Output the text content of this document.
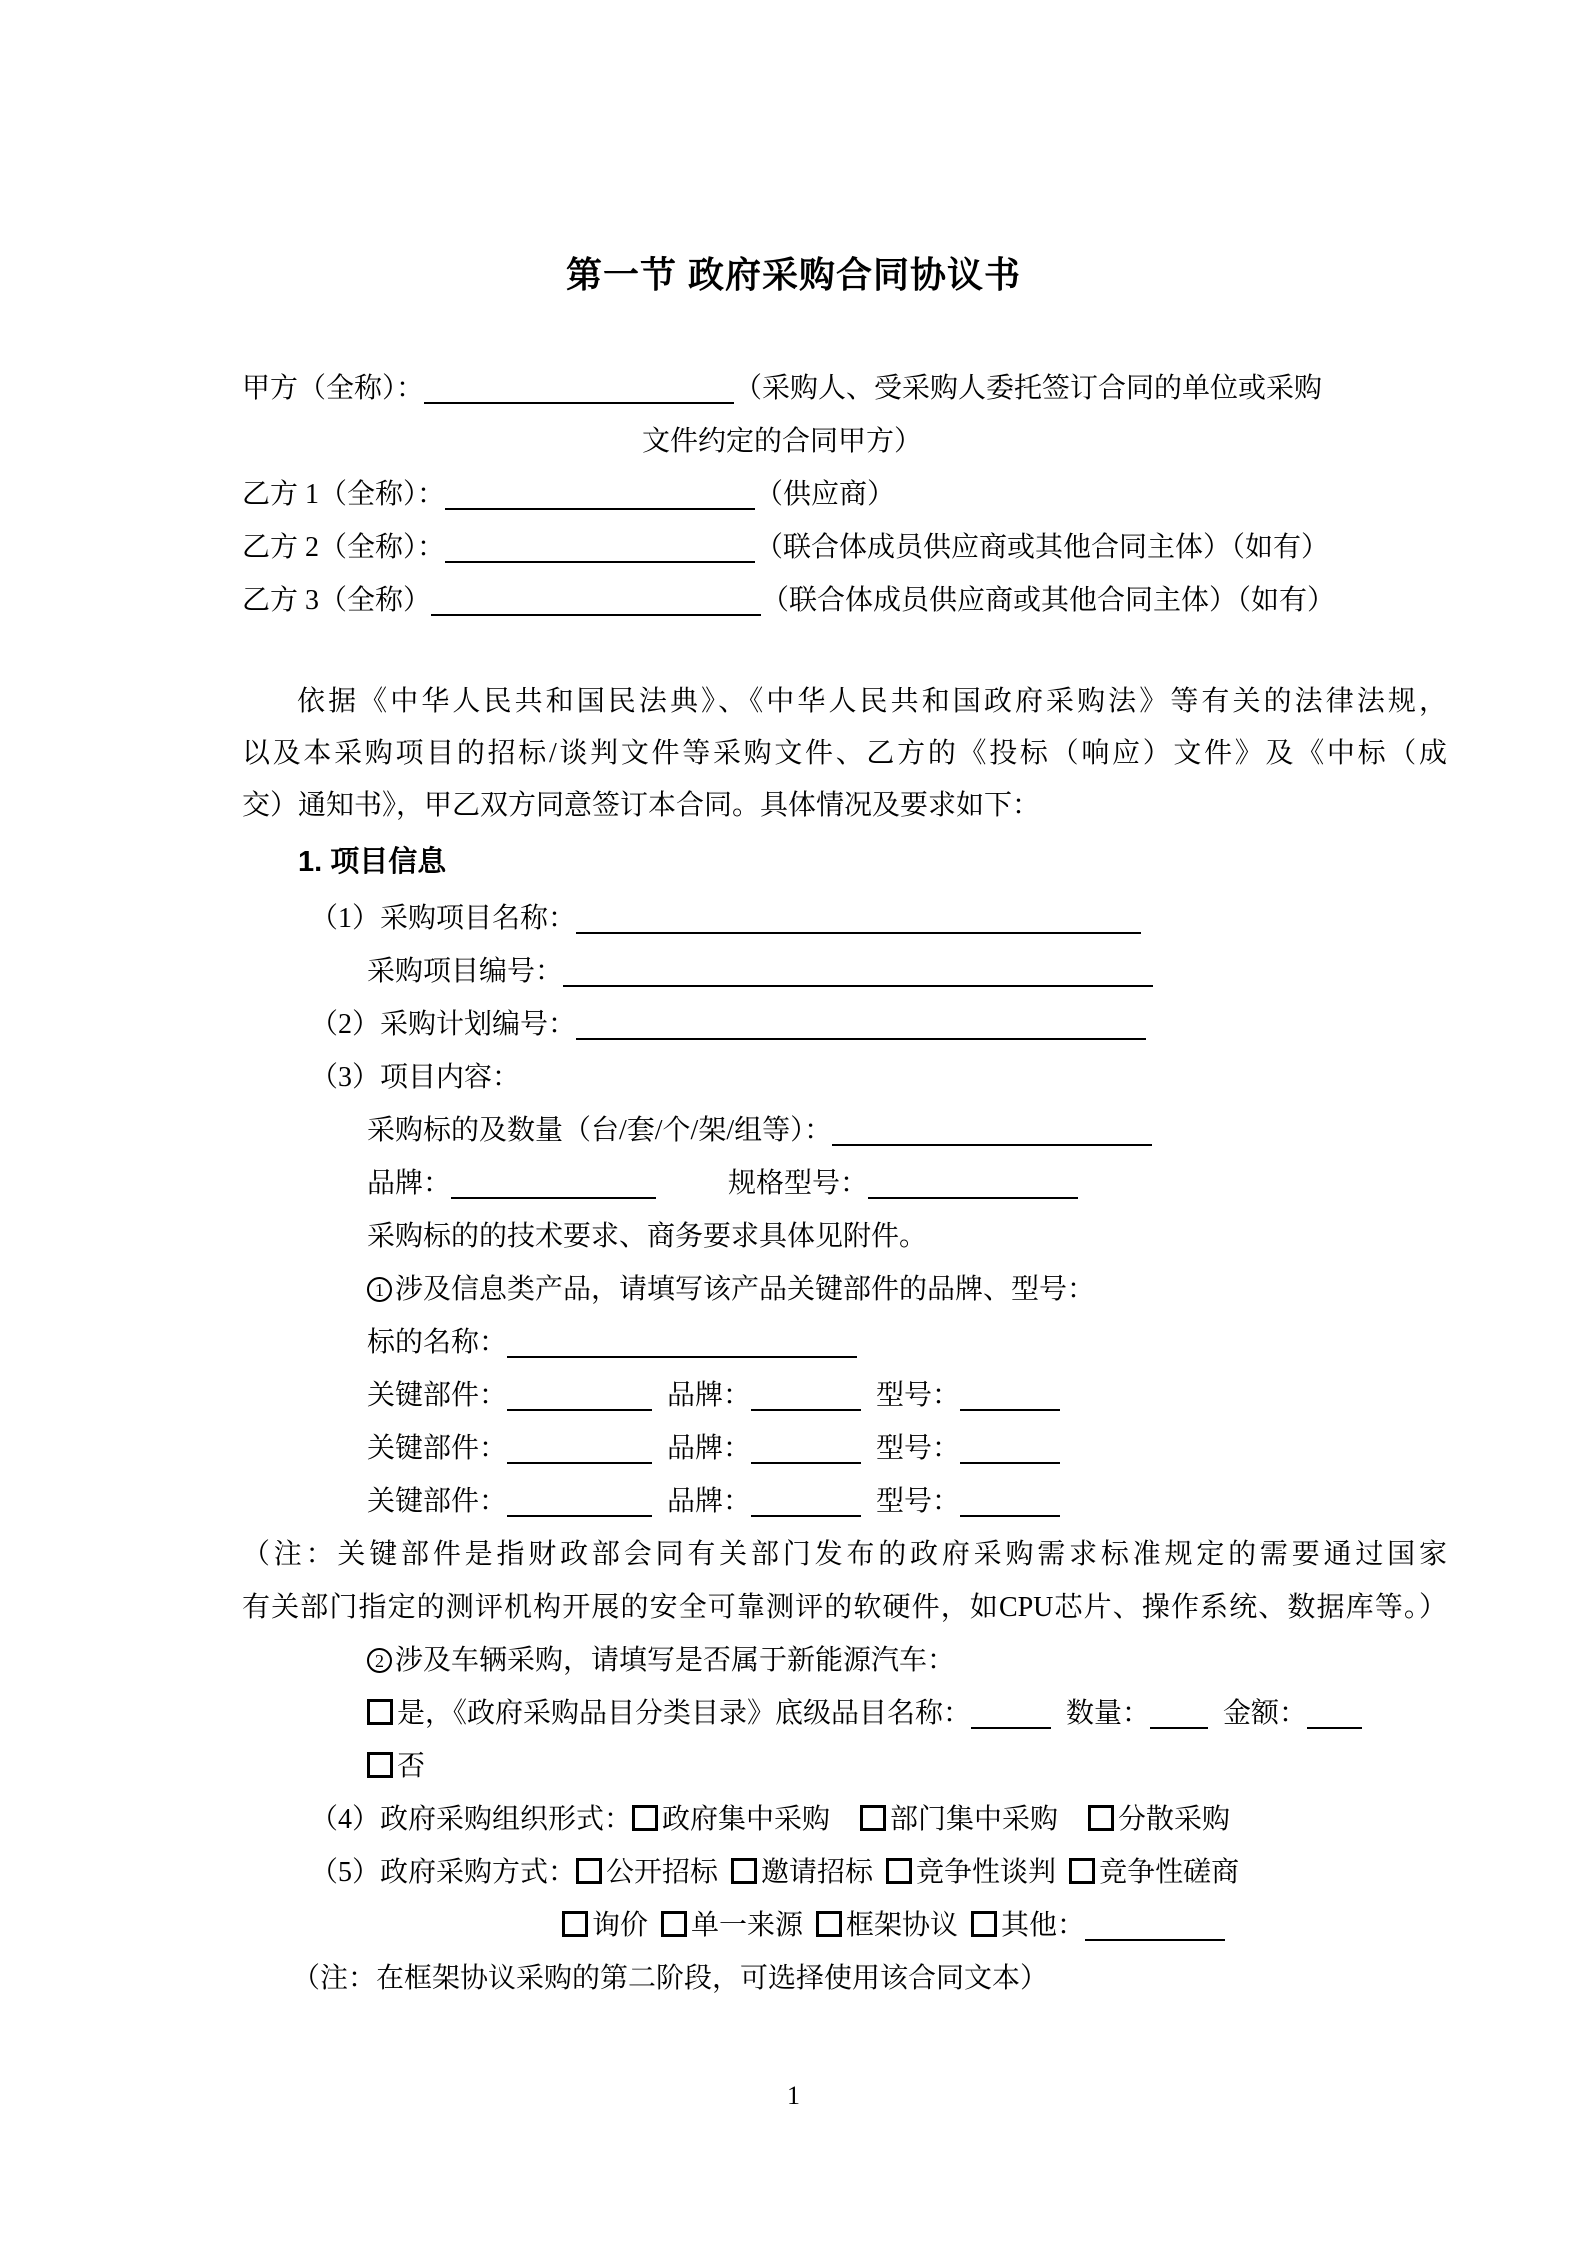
第一节 政府采购合同协议书
甲方（全称）：	（采购人、受采购人委托签订合同的单位或采购
文件约定的合同甲方）
乙方 1（全称）：	（供应商）
乙方 2（全称）：	（联合体成员供应商或其他合同主体）（如有）
乙方 3（全称）	（联合体成员供应商或其他合同主体）（如有）
依据《中华人民共和国民法典》、《中华人民共和国政府采购法》等有关的法律法规，
以及本采购项目的招标/谈判文件等采购文件、乙方的《投标（响应）文件》及《中标（成
交）通知书》，甲乙双方同意签订本合同。具体情况及要求如下：
1. 项目信息
（1）采购项目名称：
采购项目编号：
（2）采购计划编号：
（3）项目内容：
采购标的及数量（台/套/个/架/组等）：
品牌：	规格型号：
采购标的的技术要求、商务要求具体见附件。
1 涉及信息类产品，请填写该产品关键部件的品牌、型号：
标的名称：
关键部件：	品牌：	型号：
关键部件：	品牌：	型号：
关键部件：	品牌：	型号：
（注：关键部件是指财政部会同有关部门发布的政府采购需求标准规定的需要通过国家
有关部门指定的测评机构开展的安全可靠测评的软硬件，如CPU芯片、操作系统、数据库等。）
2 涉及车辆采购，请填写是否属于新能源汽车：
是，《政府采购品目分类目录》底级品目名称：	数量：	金额：
否
（4）政府采购组织形式： 政府集中采购 部门集中采购 分散采购
（5）政府采购方式： 公开招标 邀请招标 竞争性谈判 竞争性磋商
询价 单一来源 框架协议 其他：
（注：在框架协议采购的第二阶段，可选择使用该合同文本）
1
